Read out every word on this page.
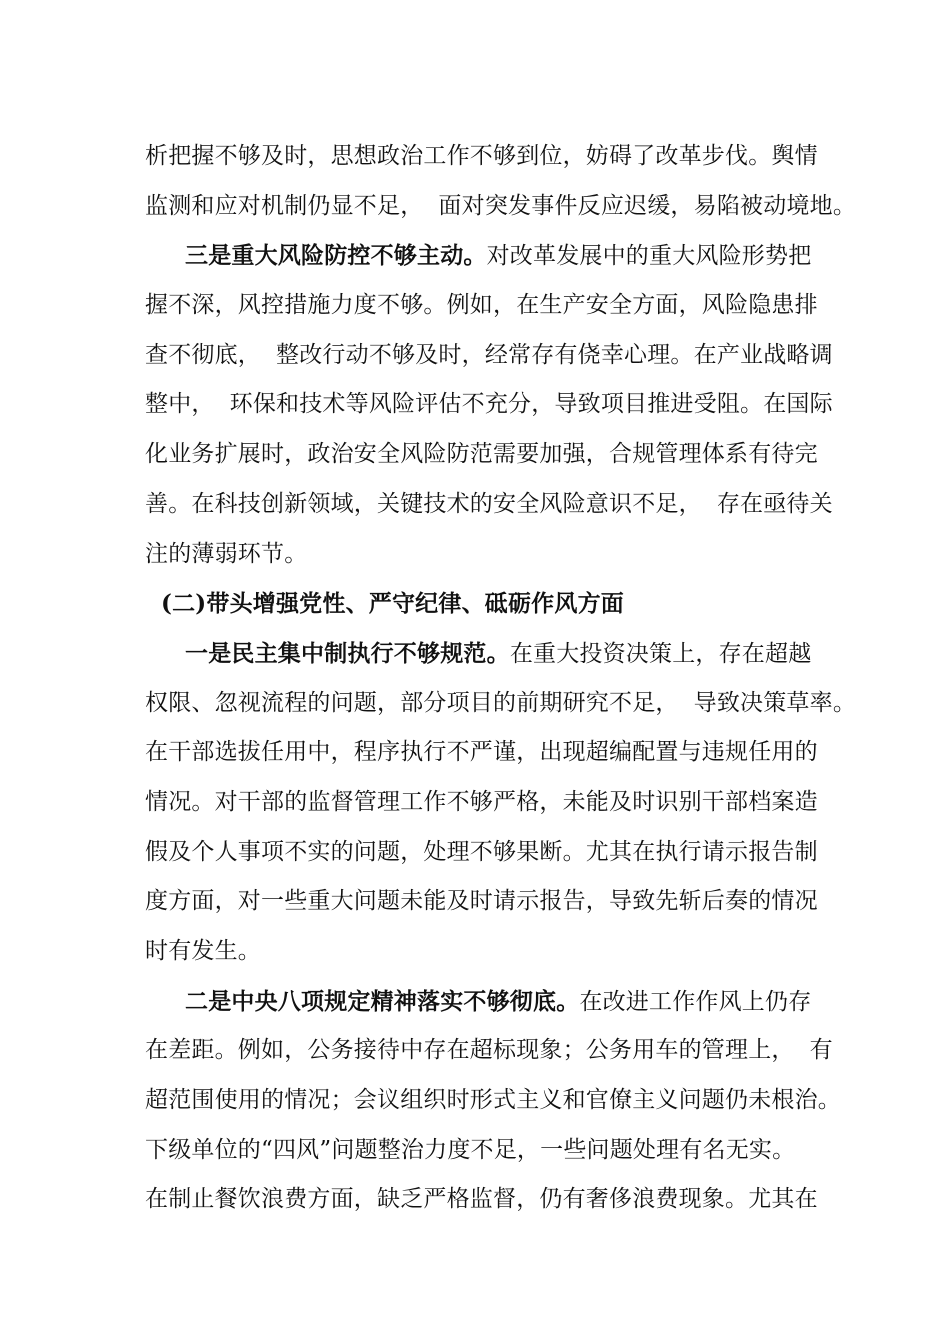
析把握不够及时，思想政治工作不够到位，妨碍了改革步伐。舆情
监测和应对机制仍显不足，  面对突发事件反应迟缓，易陷被动境地。
三是重大风险防控不够主动。对改革发展中的重大风险形势把
握不深，风控措施力度不够。例如，在生产安全方面，风险隐患排
查不彻底，  整改行动不够及时，经常存有侥幸心理。在产业战略调
整中，  环保和技术等风险评估不充分，导致项目推进受阻。在国际
化业务扩展时，政治安全风险防范需要加强，合规管理体系有待完
善。在科技创新领域，关键技术的安全风险意识不足，  存在亟待关
注的薄弱环节。
(二)带头增强党性、严守纪律、砥砺作风方面
一是民主集中制执行不够规范。在重大投资决策上，存在超越
权限、忽视流程的问题，部分项目的前期研究不足，  导致决策草率。
在干部选拔任用中，程序执行不严谨，出现超编配置与违规任用的
情况。对干部的监督管理工作不够严格，未能及时识别干部档案造
假及个人事项不实的问题，处理不够果断。尤其在执行请示报告制
度方面，对一些重大问题未能及时请示报告，导致先斩后奏的情况
时有发生。
二是中央八项规定精神落实不够彻底。在改进工作作风上仍存
在差距。例如，公务接待中存在超标现象；公务用车的管理上，  有
超范围使用的情况；会议组织时形式主义和官僚主义问题仍未根治。
下级单位的“四风”问题整治力度不足，一些问题处理有名无实。
在制止餐饮浪费方面，缺乏严格监督，仍有奢侈浪费现象。尤其在
